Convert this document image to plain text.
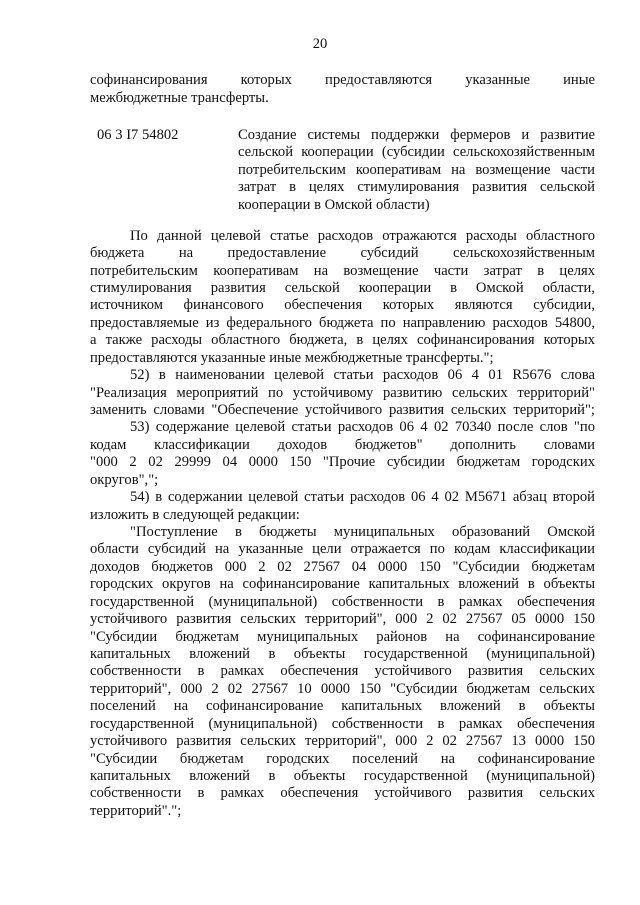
20
софинансирования которых предоставляются указанные иные
межбюджетные трансферты.
06 3 I7 54802	Создание системы поддержки фермеров и развитие
сельской кооперации (субсидии сельскохозяйственным
потребительским кооперативам на возмещение части
затрат в целях стимулирования развития сельской
кооперации в Омской области)
По данной целевой статье расходов отражаются расходы областного
бюджета на предоставление субсидий сельскохозяйственным
потребительским кооперативам на возмещение части затрат в целях
стимулирования развития сельской кооперации в Омской области,
источником финансового обеспечения которых являются субсидии,
предоставляемые из федерального бюджета по направлению расходов 54800,
а также расходы областного бюджета, в целях софинансирования которых
предоставляются указанные иные межбюджетные трансферты.";
52) в наименовании целевой статьи расходов 06 4 01 R5676 слова
"Реализация мероприятий по устойчивому развитию сельских территорий"
заменить словами "Обеспечение устойчивого развития сельских территорий";
53) содержание целевой статьи расходов 06 4 02 70340 после слов "по
кодам классификации доходов бюджетов" дополнить словами
"000 2 02 29999 04 0000 150 "Прочие субсидии бюджетам городских
округов",";
54) в содержании целевой статьи расходов 06 4 02 M5671 абзац второй
изложить в следующей редакции:
"Поступление в бюджеты муниципальных образований Омской
области субсидий на указанные цели отражается по кодам классификации
доходов бюджетов 000 2 02 27567 04 0000 150 "Субсидии бюджетам
городских округов на софинансирование капитальных вложений в объекты
государственной (муниципальной) собственности в рамках обеспечения
устойчивого развития сельских территорий", 000 2 02 27567 05 0000 150
"Субсидии бюджетам муниципальных районов на софинансирование
капитальных вложений в объекты государственной (муниципальной)
собственности в рамках обеспечения устойчивого развития сельских
территорий", 000 2 02 27567 10 0000 150 "Субсидии бюджетам сельских
поселений на софинансирование капитальных вложений в объекты
государственной (муниципальной) собственности в рамках обеспечения
устойчивого развития сельских территорий", 000 2 02 27567 13 0000 150
"Субсидии бюджетам городских поселений на софинансирование
капитальных вложений в объекты государственной (муниципальной)
собственности в рамках обеспечения устойчивого развития сельских
территорий".";
